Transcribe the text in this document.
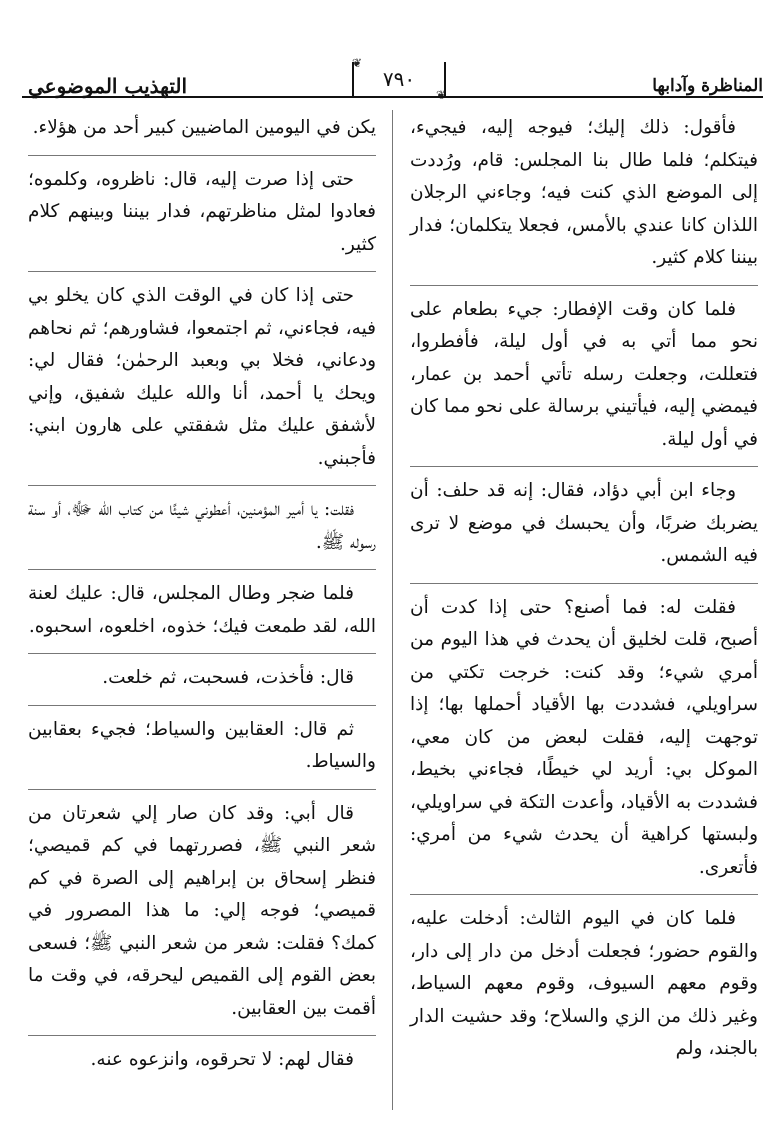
المناظرة وآدابها
❦
٧٩٠
❦
التهذيب الموضوعي

فأقول: ذلك إليك؛ فيوجه إليه، فيجيء، فيتكلم؛ فلما طال بنا المجلس: قام، ورُددت إلى الموضع الذي كنت فيه؛ وجاءني الرجلان اللذان كانا عندي بالأمس، فجعلا يتكلمان؛ فدار بيننا كلام كثير.

فلما كان وقت الإفطار: جيء بطعام على نحو مما أتي به في أول ليلة، فأفطروا، فتعللت، وجعلت رسله تأتي أحمد بن عمار، فيمضي إليه، فيأتيني برسالة على نحو مما كان في أول ليلة.

وجاء ابن أبي دؤاد، فقال: إنه قد حلف: أن يضربك ضربًا، وأن يحبسك في موضع لا ترى فيه الشمس.

فقلت له: فما أصنع؟ حتى إذا كدت أن أصبح، قلت لخليق أن يحدث في هذا اليوم من أمري شيء؛ وقد كنت: خرجت تكتي من سراويلي، فشددت بها الأقياد أحملها بها؛ إذا توجهت إليه، فقلت لبعض من كان معي، الموكل بي: أريد لي خيطًا، فجاءني بخيط، فشددت به الأقياد، وأعدت التكة في سراويلي، ولبستها كراهية أن يحدث شيء من أمري: فأتعرى.

فلما كان في اليوم الثالث: أدخلت عليه، والقوم حضور؛ فجعلت أدخل من دار إلى دار، وقوم معهم السيوف، وقوم معهم السياط، وغير ذلك من الزي والسلاح؛ وقد حشيت الدار بالجند، ولم

يكن في اليومين الماضيين كبير أحد من هؤلاء.

حتى إذا صرت إليه، قال: ناظروه، وكلموه؛ فعادوا لمثل مناظرتهم، فدار بيننا وبينهم كلام كثير.

حتى إذا كان في الوقت الذي كان يخلو بي فيه، فجاءني، ثم اجتمعوا، فشاورهم؛ ثم نحاهم ودعاني، فخلا بي وبعبد الرحمٰن؛ فقال لي: ويحك يا أحمد، أنا والله عليك شفيق، وإني لأشفق عليك مثل شفقتي على هارون ابني: فأجبني.

فقلت: يا أمير المؤمنين، أعطوني شيئًا من كتاب الله ﷻ، أو سنة رسوله ﷺ.

فلما ضجر وطال المجلس، قال: عليك لعنة الله، لقد طمعت فيك؛ خذوه، اخلعوه، اسحبوه.

قال: فأخذت، فسحبت، ثم خلعت.

ثم قال: العقابين والسياط؛ فجيء بعقابين والسياط.

قال أبي: وقد كان صار إلي شعرتان من شعر النبي ﷺ، فصررتهما في كم قميصي؛ فنظر إسحاق بن إبراهيم إلى الصرة في كم قميصي؛ فوجه إلي: ما هذا المصرور في كمك؟ فقلت: شعر من شعر النبي ﷺ؛ فسعى بعض القوم إلى القميص ليحرقه، في وقت ما أقمت بين العقابين.

فقال لهم: لا تحرقوه، وانزعوه عنه.
